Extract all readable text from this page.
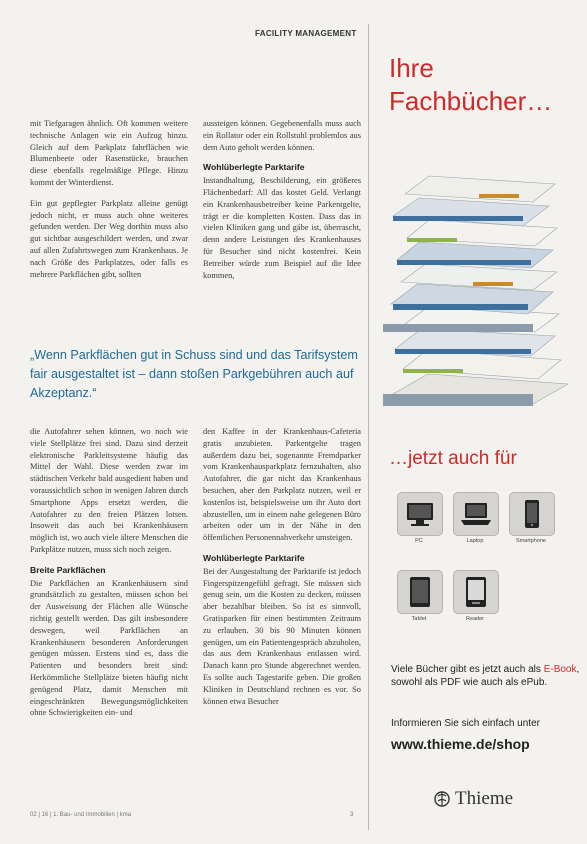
FACILITY MANAGEMENT

mit Tiefgaragen ähnlich. Oft kommen weitere technische Anlagen wie ein Aufzug hinzu. Gleich auf dem Parkplatz fahrflächen wie Blumenbeete oder Rasenstücke, brauchen diese ebenfalls regelmäßige Pflege. Hinzu kommt der Winterdienst.

Ein gut gepflegter Parkplatz alleine genügt jedoch nicht, er muss auch ohne weiteres gefunden werden. Der Weg dorthin muss also gut sichtbar ausgeschildert werden, und zwar auf allen Zufahrtswegen zum Krankenhaus. Je nach Größe des Parkplatzes, oder falls es mehrere Parkflächen gibt, sollten

aussteigen können. Gegebenenfalls muss auch ein Rollator oder ein Rollstuhl problemlos aus dem Auto geholt werden können.

Wohlüberlegte Parktarife

Instandhaltung, Beschilderung, ein größeres Flächenbedarf: All das kostet Geld. Verlangt ein Krankenhausbetreiber keine Parkentgelte, trägt er die kompletten Kosten. Dass das in vielen Kliniken gang und gäbe ist, überrascht, denn andere Leistungen des Krankenhauses für Besucher sind nicht kostenfrei. Kein Betreiber würde zum Beispiel auf die Idee kommen,

„Wenn Parkflächen gut in Schuss sind und das Tarifsystem fair ausgestaltet ist – dann stoßen Parkgebühren auch auf Akzeptanz.“

die Autofahrer sehen können, wo noch wie viele Stellplätze frei sind. Dazu sind derzeit elektronische Parkleitsysteme häufig das Mittel der Wahl. Diese werden zwar im städtischen Verkehr bald ausgedient haben und voraussichtlich schon in wenigen Jahren durch Smartphone Apps ersetzt werden, die Autofahrer zu den freien Plätzen lotsen. Insoweit das auch bei Krankenhäusern möglich ist, wo auch viele ältere Menschen die Parkplätze nutzen, muss sich noch zeigen.

Breite Parkflächen

Die Parkflächen an Krankenhäusern sind grundsätzlich zu gestalten, müssen schon bei der Ausweisung der Flächen alle Wünsche richtig gestellt werden. Das gilt insbesondere deswegen, weil Parkflächen an Krankenhäusern besonderen Anforderungen genügen müssen. Erstens sind es, dass die Patienten und besonders breit sind: Herkömmliche Stellplätze bieten häufig nicht genügend Platz, damit Menschen mit eingeschränkten Bewegungsmöglichkeiten ohne Schwierigkeiten ein- und

den Kaffee in der Krankenhaus-Cafeteria gratis anzubieten. Parkentgelte tragen außerdem dazu bei, sogenannte Fremdparker vom Krankenhausparkplatz fernzuhalten, also Autofahrer, die gar nicht das Krankenhaus besuchen, aber den Parkplatz nutzen, weil er kostenlos ist, beispielsweise um ihr Auto dort abzustellen, um in einem nahe gelegenen Büro arbeiten oder um in der Nähe in den öffentlichen Personennahverkehr umsteigen.

Wohlüberlegte Parktarife

Bei der Ausgestaltung der Parktarife ist jedoch Fingerspitzengefühl gefragt. Sie müssen sich genug sein, um die Kosten zu decken, müssen aber bezahlbar bleiben. So ist es sinnvoll, Gratisparken für einen bestimmten Zeitraum zu erlauben. 30 bis 90 Minuten können genügen, um ein Patientengespräch abzuholen, das aus dem Krankenhaus entlassen wird. Danach kann pro Stunde abgerechnet werden. Es sollte auch Tagestarife geben. Die großen Kliniken in Deutschland rechnen es vor. So können etwa Besucher

02 | 16 | 1. Bau- und Immobilien | kma	3
Ihre
Fachbücher…
…jetzt auch für
PC	Laptop	Smartphone
Tablet	Reader
Viele Bücher gibt es jetzt auch als E-Book, sowohl als PDF wie auch als ePub.
Informieren Sie sich einfach unter
www.thieme.de/shop
Thieme
